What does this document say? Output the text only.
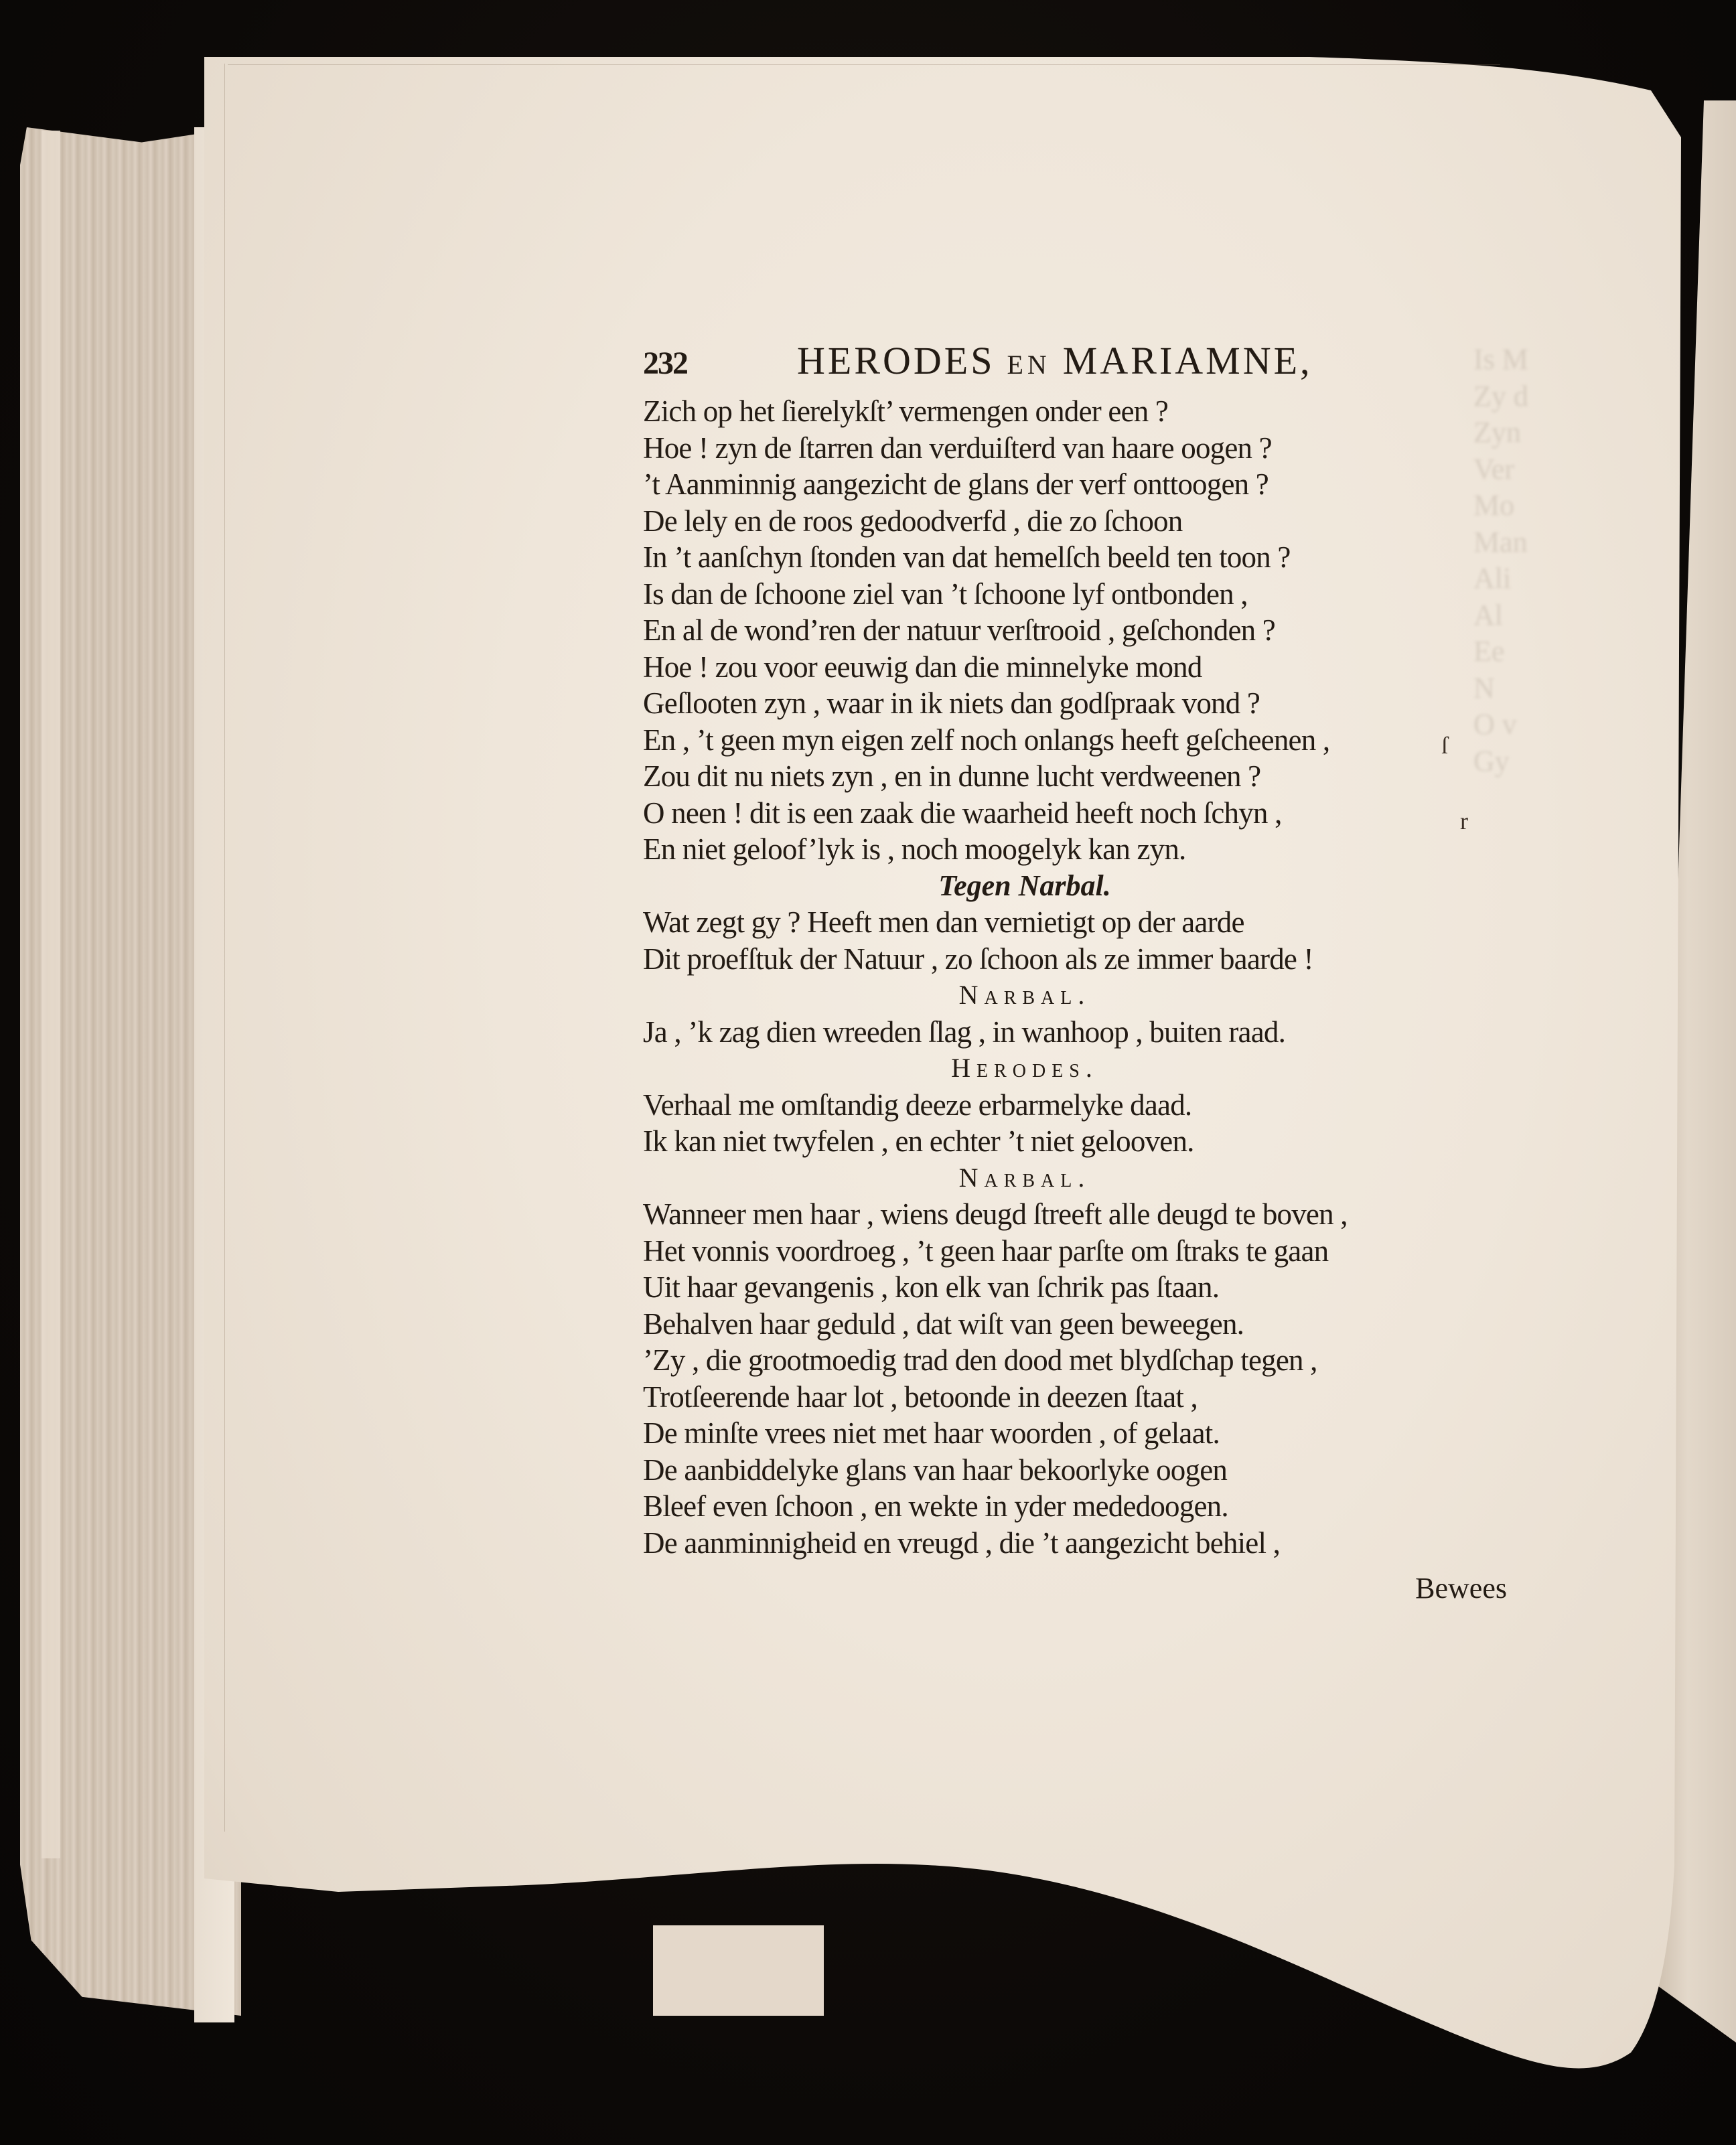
Is M
Zy d
Zyn
Ver
Mo
Man
Ali
Al
Ee
N
O v
Gy
232	HERODES EN MARIAMNE,
Zich op het ſierelykſt’ vermengen onder een ?
Hoe ! zyn de ſtarren dan verduiſterd van haare oogen ?
’t Aanminnig aangezicht de glans der verf onttoogen ?
De lely en de roos gedoodverfd , die zo ſchoon
In ’t aanſchyn ſtonden van dat hemelſch beeld ten toon ?
Is dan de ſchoone ziel van ’t ſchoone lyf ontbonden ,
En al de wond’ren der natuur verſtrooid , geſchonden ?
Hoe ! zou voor eeuwig dan die minnelyke mond
Geſlooten zyn , waar in ik niets dan godſpraak vond ?
En , ’t geen myn eigen zelf noch onlangs heeft geſcheenen ,
Zou dit nu niets zyn , en in dunne lucht verdweenen ?
O neen ! dit is een zaak die waarheid heeft noch ſchyn ,
En niet geloof’lyk is , noch moogelyk kan zyn.
Tegen Narbal.
Wat zegt gy ? Heeft men dan vernietigt op der aarde
Dit proefſtuk der Natuur , zo ſchoon als ze immer baarde !
Narbal.
Ja , ’k zag dien wreeden ſlag , in wanhoop , buiten raad.
Herodes.
Verhaal me omſtandig deeze erbarmelyke daad.
Ik kan niet twyfelen , en echter ’t niet gelooven.
Narbal.
Wanneer men haar , wiens deugd ſtreeft alle deugd te boven ,
Het vonnis voordroeg , ’t geen haar parſte om ſtraks te gaan
Uit haar gevangenis , kon elk van ſchrik pas ſtaan.
Behalven haar geduld , dat wiſt van geen beweegen.
’Zy , die grootmoedig trad den dood met blydſchap tegen ,
Trotſeerende haar lot , betoonde in deezen ſtaat ,
De minſte vrees niet met haar woorden , of gelaat.
De aanbiddelyke glans van haar bekoorlyke oogen
Bleef even ſchoon , en wekte in yder mededoogen.
De aanminnigheid en vreugd , die ’t aangezicht behiel ,
Bewees
ſ
r
